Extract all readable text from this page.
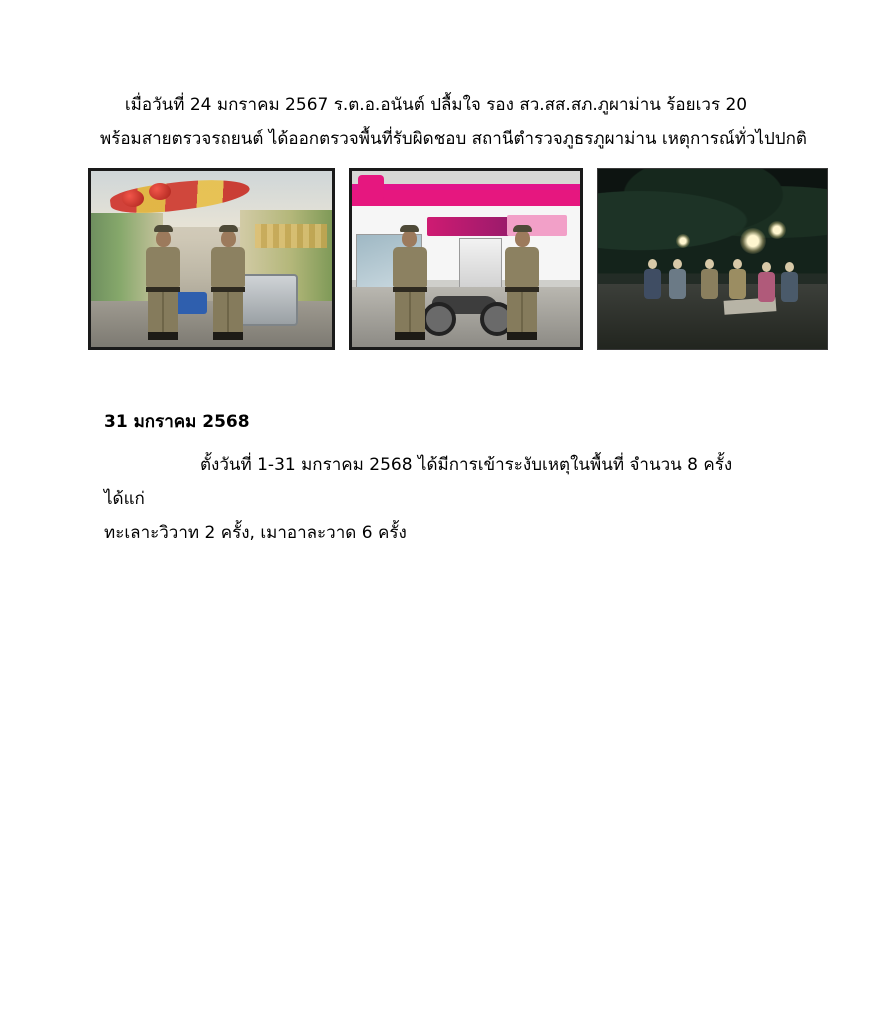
เมื่อวันที่ 24 มกราคม 2567 ร.ต.อ.อนันต์ ปลื้มใจ รอง สว.สส.สภ.ภูผาม่าน ร้อยเวร 20
พร้อมสายตรวจรถยนต์ ได้ออกตรวจพื้นที่รับผิดชอบ สถานีตำรวจภูธรภูผาม่าน เหตุการณ์ทั่วไปปกติ
31 มกราคม 2568
ตั้งวันที่ 1-31 มกราคม 2568 ได้มีการเข้าระงับเหตุในพื้นที่ จำนวน 8 ครั้ง ได้แก่
ทะเลาะวิวาท 2 ครั้ง, เมาอาละวาด 6 ครั้ง
